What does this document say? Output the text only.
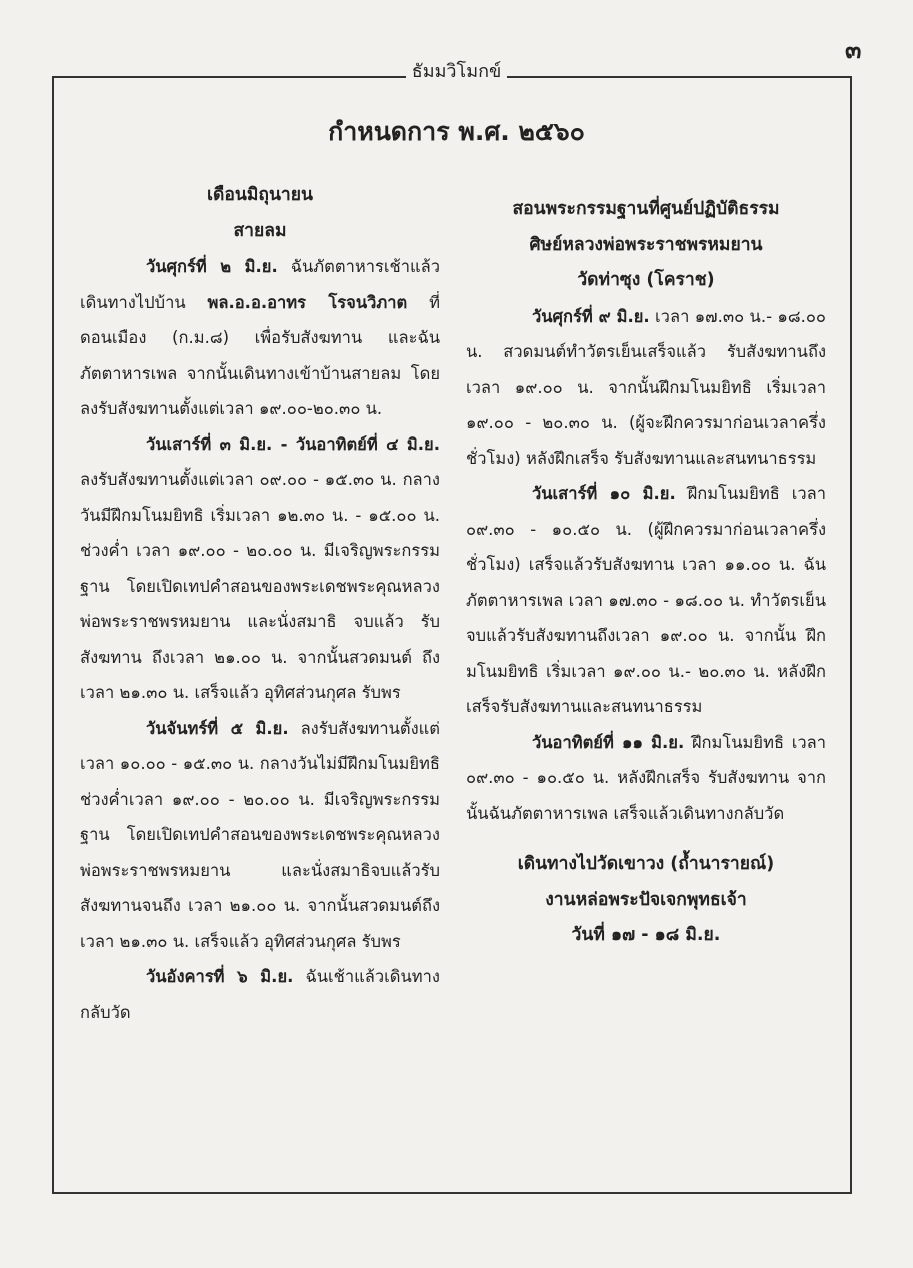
๓
ธัมมวิโมกข์
กำหนดการ พ.ศ. ๒๕๖๐
เดือนมิถุนายน
สายลม

วันศุกร์ที่ ๒ มิ.ย. ฉันภัตตาหารเช้าแล้วเดินทางไปบ้าน พล.อ.อ.อาทร โรจนวิภาต ที่ดอนเมือง (ก.ม.๘) เพื่อรับสังฆทาน และฉันภัตตาหารเพล จากนั้นเดินทางเข้าบ้านสายลม โดยลงรับสังฆทานตั้งแต่เวลา ๑๙.๐๐-๒๐.๓๐ น.

วันเสาร์ที่ ๓ มิ.ย. - วันอาทิตย์ที่ ๔ มิ.ย. ลงรับสังฆทานตั้งแต่เวลา ๐๙.๐๐ - ๑๕.๓๐ น. กลางวันมีฝึกมโนมยิทธิ เริ่มเวลา ๑๒.๓๐ น. - ๑๕.๐๐ น. ช่วงค่ำ เวลา ๑๙.๐๐ - ๒๐.๐๐ น. มีเจริญพระกรรมฐาน โดยเปิดเทปคำสอนของพระเดชพระคุณหลวงพ่อพระราชพรหมยาน และนั่งสมาธิ จบแล้ว รับสังฆทาน ถึงเวลา ๒๑.๐๐ น. จากนั้นสวดมนต์ ถึงเวลา ๒๑.๓๐ น. เสร็จแล้ว อุทิศส่วนกุศล รับพร

วันจันทร์ที่ ๕ มิ.ย. ลงรับสังฆทานตั้งแต่ เวลา ๑๐.๐๐ - ๑๕.๓๐ น. กลางวันไม่มีฝึกมโนมยิทธิ ช่วงค่ำเวลา ๑๙.๐๐ - ๒๐.๐๐ น. มีเจริญพระกรรมฐาน โดยเปิดเทปคำสอนของพระเดชพระคุณหลวงพ่อพระราชพรหมยาน และนั่งสมาธิจบแล้วรับสังฆทานจนถึง เวลา ๒๑.๐๐ น. จากนั้นสวดมนต์ถึงเวลา ๒๑.๓๐ น. เสร็จแล้ว อุทิศส่วนกุศล รับพร

วันอังคารที่ ๖ มิ.ย. ฉันเช้าแล้วเดินทางกลับวัด

สอนพระกรรมฐานที่ศูนย์ปฏิบัติธรรม
ศิษย์หลวงพ่อพระราชพรหมยาน
วัดท่าซุง (โคราช)

วันศุกร์ที่ ๙ มิ.ย. เวลา ๑๗.๓๐ น.- ๑๘.๐๐ น. สวดมนต์ทำวัตรเย็นเสร็จแล้ว รับสังฆทานถึงเวลา ๑๙.๐๐ น. จากนั้นฝึกมโนมยิทธิ เริ่มเวลา ๑๙.๐๐ - ๒๐.๓๐ น. (ผู้จะฝึกควรมาก่อนเวลาครึ่งชั่วโมง) หลังฝึกเสร็จ รับสังฆทานและสนทนาธรรม

วันเสาร์ที่ ๑๐ มิ.ย. ฝึกมโนมยิทธิ เวลา ๐๙.๓๐ - ๑๐.๕๐ น. (ผู้ฝึกควรมาก่อนเวลาครึ่งชั่วโมง) เสร็จแล้วรับสังฆทาน เวลา ๑๑.๐๐ น. ฉันภัตตาหารเพล เวลา ๑๗.๓๐ - ๑๘.๐๐ น. ทำวัตรเย็น จบแล้วรับสังฆทานถึงเวลา ๑๙.๐๐ น. จากนั้น ฝึกมโนมยิทธิ เริ่มเวลา ๑๙.๐๐ น.- ๒๐.๓๐ น. หลังฝึกเสร็จรับสังฆทานและสนทนาธรรม

วันอาทิตย์ที่ ๑๑ มิ.ย. ฝึกมโนมยิทธิ เวลา ๐๙.๓๐ - ๑๐.๕๐ น. หลังฝึกเสร็จ รับสังฆทาน จากนั้นฉันภัตตาหารเพล เสร็จแล้วเดินทางกลับวัด

เดินทางไปวัดเขาวง (ถ้ำนารายณ์)
งานหล่อพระปัจเจกพุทธเจ้า
วันที่ ๑๗ - ๑๘ มิ.ย.
